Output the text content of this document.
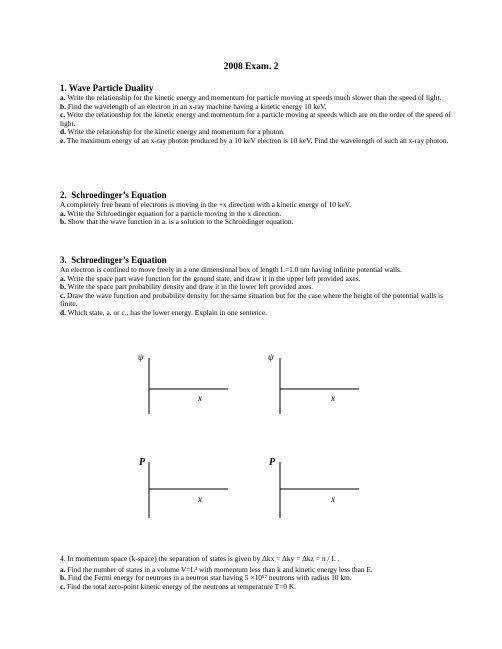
2008 Exam. 2
1. Wave Particle Duality

a. Write the relationship for the kinetic energy and momentum for particle moving at speeds much slower than the speed of light.

b. Find the wavelength of an electron in an x-ray machine having a kinetic energy 10 keV.

c. Write the relationship for the kinetic energy and momentum for a particle moving at speeds which are on the order of the speed of light.

d. Write the relationship for the kinetic energy and momentum for a photon.

e. The maximum energy of an x-ray photon produced by a 10 keV electron is 10 keV. Find the wavelength of such an x-ray photon.

2. Schroedinger’s Equation

A completely free beam of electrons is moving in the +x direction with a kinetic energy of 10 keV.

a. Write the Schroedinger equation for a particle moving in the x direction.

b. Show that the wave function in a. is a solution to the Schroedinger equation.

3. Schroedinger’s Equation

An electron is confined to move freely in a one dimensional box of length L=1.0 nm having infinite potential walls.

a. Write the space part wave function for the ground state, and draw it in the upper left provided axes.

b. Write the space part probability density and draw it in the lower left provided axes.

c. Draw the wave function and probability density for the same situation but for the case where the height of the potential walls is finite.

d. Which state, a. or c., has the lower energy. Explain in one sentence.

ψ
x
ψ
x
P
x
P
x

4. In momentum space (k-space) the separation of states is given by Δkx = Δky = Δkz = π / L .

a. Find the number of states in a volume V=L³ with momentum less than k and kinetic energy less than E.

b. Find the Fermi energy for neutrons in a neutron star having 5 ×10⁵⁷ neutrons with radius 10 km.

c. Find the total zero-point kinetic energy of the neutrons at temperature T=0 K.
